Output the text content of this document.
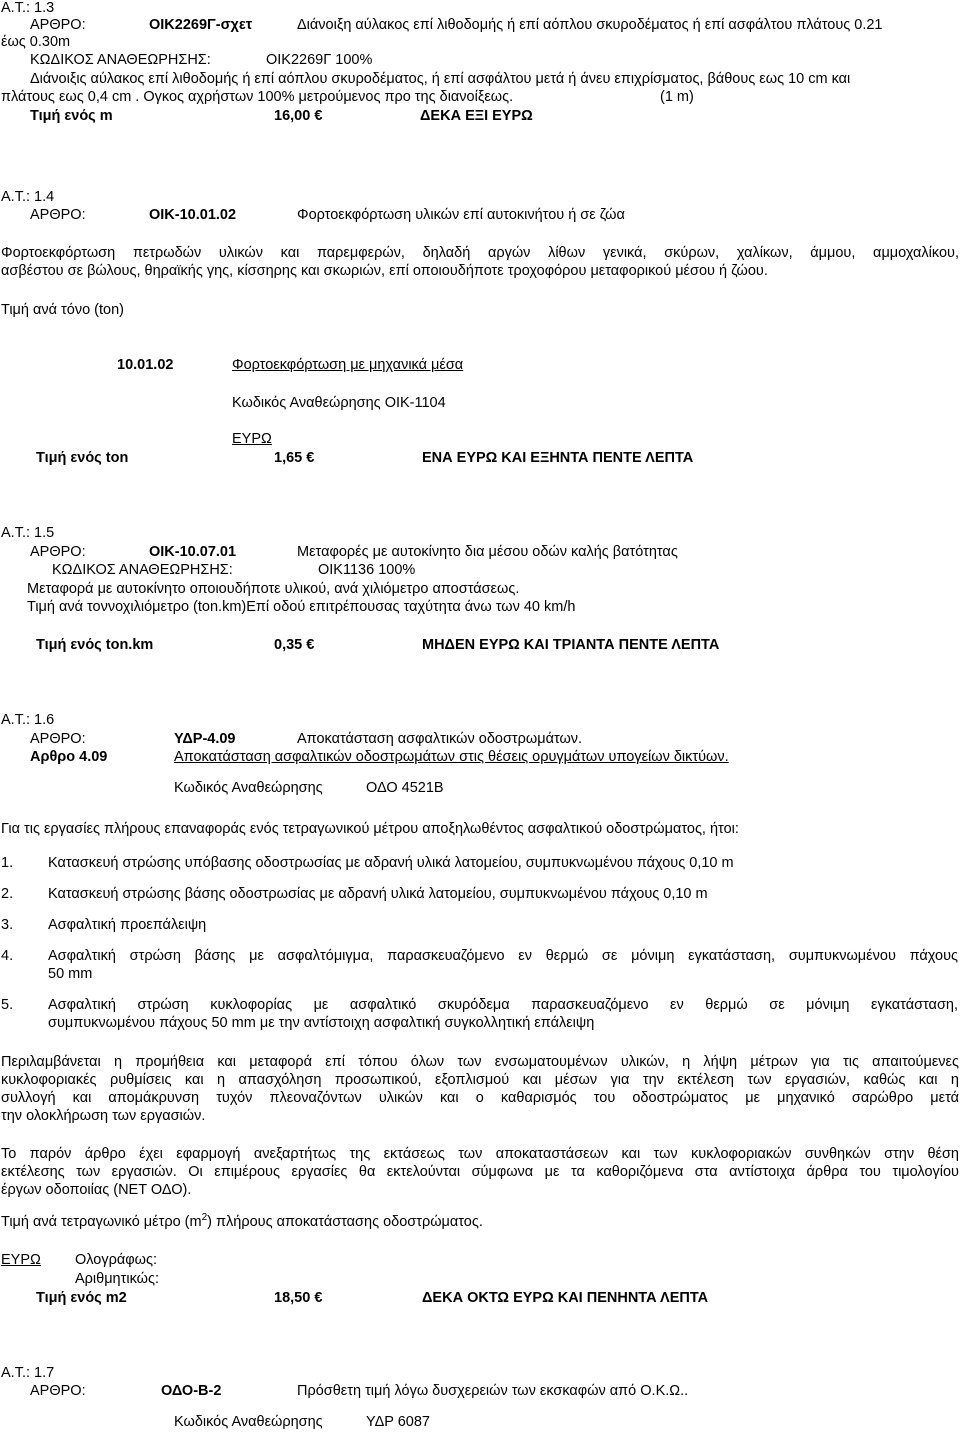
Α.Τ.: 1.3
ΑΡΘΡΟ:	ΟΙΚ2269Γ-σχετ	Διάνοιξη αύλακος επί λιθοδομής ή επί αόπλου σκυροδέματος ή επί ασφάλτου πλάτους 0.21
έως 0.30m
ΚΩΔΙΚΟΣ ΑΝΑΘΕΩΡΗΣΗΣ:	ΟΙΚ2269Γ 100%
Διάνοιξις αύλακος επί λιθοδομής ή επί αόπλου σκυροδέματος, ή επί ασφάλτου μετά ή άνευ επιχρίσματος, βάθους εως 10 cm και
πλάτους εως 0,4 cm . Ογκος αχρήστων 100% μετρούμενος προ της διανοίξεως.	(1 m)
Τιμή ενός m	16,00 €	ΔΕΚΑ ΕΞΙ ΕΥΡΩ
Α.Τ.: 1.4
ΑΡΘΡΟ:	ΟΙΚ-10.01.02	Φορτοεκφόρτωση υλικών επί αυτοκινήτου ή σε ζώα
Φορτοεκφόρτωση πετρωδών υλικών και παρεμφερών, δηλαδή αργών λίθων γενικά, σκύρων, χαλίκων, άμμου, αμμοχαλίκου,
ασβέστου σε βώλους, θηραϊκής γης, κίσσηρης και σκωριών, επί οποιουδήποτε τροχοφόρου μεταφορικού μέσου ή ζώου.
Τιμή ανά τόνο (ton)
10.01.02	Φορτοεκφόρτωση με μηχανικά μέσα
Κωδικός Αναθεώρησης ΟΙΚ-1104
ΕΥΡΩ
Τιμή ενός ton	1,65 €	ΕΝΑ ΕΥΡΩ ΚΑΙ ΕΞΗΝΤΑ ΠΕΝΤΕ ΛΕΠΤΑ
Α.Τ.: 1.5
ΑΡΘΡΟ:	ΟΙΚ-10.07.01	Μεταφορές με αυτοκίνητο δια μέσου οδών καλής βατότητας
ΚΩΔΙΚΟΣ ΑΝΑΘΕΩΡΗΣΗΣ:	ΟΙΚ1136 100%
Μεταφορά με αυτοκίνητο οποιουδήποτε υλικού, ανά χιλιόμετρο αποστάσεως.
Τιμή ανά τοννοχιλιόμετρο (ton.km)Επί οδού επιτρέπουσας ταχύτητα άνω των 40 km/h
Τιμή ενός ton.km	0,35 €	ΜΗΔΕΝ ΕΥΡΩ ΚΑΙ ΤΡΙΑΝΤΑ ΠΕΝΤΕ ΛΕΠΤΑ
Α.Τ.: 1.6
ΑΡΘΡΟ:	ΥΔΡ-4.09	Αποκατάσταση ασφαλτικών οδοστρωμάτων.
Αρθρο 4.09	Αποκατάσταση ασφαλτικών οδοστρωμάτων στις θέσεις ορυγμάτων υπογείων δικτύων.
Κωδικός Αναθεώρησης	ΟΔΟ 4521Β
Για τις εργασίες πλήρους επαναφοράς ενός τετραγωνικού μέτρου αποξηλωθέντος ασφαλτικού οδοστρώματος, ήτοι:
1. Κατασκευή στρώσης υπόβασης οδοστρωσίας με αδρανή υλικά λατομείου, συμπυκνωμένου πάχους 0,10 m
2. Κατασκευή στρώσης βάσης οδοστρωσίας με αδρανή υλικά λατομείου, συμπυκνωμένου πάχους 0,10 m
3. Ασφαλτική προεπάλειψη
4. Ασφαλτική στρώση βάσης με ασφαλτόμιγμα, παρασκευαζόμενο εν θερμώ σε μόνιμη εγκατάσταση, συμπυκνωμένου πάχους
50 mm
5. Ασφαλτική στρώση κυκλοφορίας με ασφαλτικό σκυρόδεμα παρασκευαζόμενο εν θερμώ σε μόνιμη εγκατάσταση,
συμπυκνωμένου πάχους 50 mm με την αντίστοιχη ασφαλτική συγκολλητική επάλειψη
Περιλαμβάνεται η προμήθεια και μεταφορά επί τόπου όλων των ενσωματουμένων υλικών, η λήψη μέτρων για τις απαιτούμενες
κυκλοφοριακές ρυθμίσεις και η απασχόληση προσωπικού, εξοπλισμού και μέσων για την εκτέλεση των εργασιών, καθώς και η
συλλογή και απομάκρυνση τυχόν πλεοναζόντων υλικών και ο καθαρισμός του οδοστρώματος με μηχανικό σαρώθρο μετά
την ολοκλήρωση των εργασιών.
Το παρόν άρθρο έχει εφαρμογή ανεξαρτήτως της εκτάσεως των αποκαταστάσεων και των κυκλοφοριακών συνθηκών στην θέση
εκτέλεσης των εργασιών. Οι επιμέρους εργασίες θα εκτελούνται σύμφωνα με τα καθοριζόμενα στα αντίστοιχα άρθρα του τιμολογίου
έργων οδοποιίας (ΝΕΤ ΟΔΟ).
Τιμή ανά τετραγωνικό μέτρο $(m^2)$ πλήρους αποκατάστασης οδοστρώματος.
ΕΥΡΩ Ολογράφως:
Αριθμητικώς:
Τιμή ενός m2	18,50 €	ΔΕΚΑ ΟΚΤΩ ΕΥΡΩ ΚΑΙ ΠΕΝΗΝΤΑ ΛΕΠΤΑ
Α.Τ.: 1.7
ΑΡΘΡΟ:	ΟΔΟ-Β-2	Πρόσθετη τιμή λόγω δυσχερειών των εκσκαφών από Ο.Κ.Ω..
Κωδικός Αναθεώρησης	ΥΔΡ 6087
